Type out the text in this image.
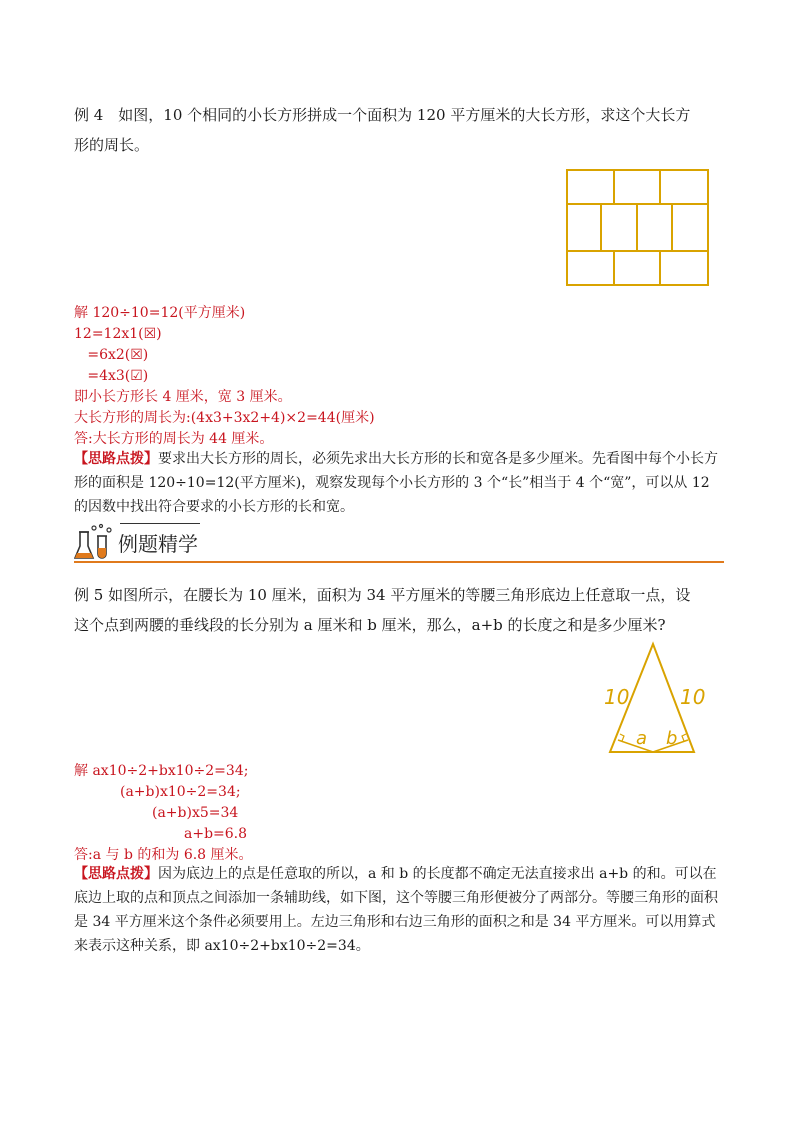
例 4　如图，10 个相同的小长方形拼成一个面积为 120 平方厘米的大长方形，求这个大长方
形的周长。
解 120÷10=12(平方厘米)
12=12x1(☒)
=6x2(☒)
=4x3(☑)
即小长方形长 4 厘米，宽 3 厘米。
大长方形的周长为:(4x3+3x2+4)×2=44(厘米)
答:大长方形的周长为 44 厘米。
【思路点拨】要求出大长方形的周长，必须先求出大长方形的长和宽各是多少厘米。先看图中每个小长方形的面积是 120÷10=12(平方厘米)，观察发现每个小长方形的 3 个“长”相当于 4 个“宽”，可以从 12 的因数中找出符合要求的小长方形的长和宽。
例题精学
例 5 如图所示，在腰长为 10 厘米，面积为 34 平方厘米的等腰三角形底边上任意取一点，设
这个点到两腰的垂线段的长分别为 a 厘米和 b 厘米，那么，a+b 的长度之和是多少厘米?
10	10
a b
解 ax10÷2+bx10÷2=34;
(a+b)x10÷2=34;
(a+b)x5=34
a+b=6.8
答:a 与 b 的和为 6.8 厘米。
【思路点拨】因为底边上的点是任意取的所以，a 和 b 的长度都不确定无法直接求出 a+b 的和。可以在底边上取的点和顶点之间添加一条辅助线，如下图，这个等腰三角形便被分了两部分。等腰三角形的面积是 34 平方厘米这个条件必须要用上。左边三角形和右边三角形的面积之和是 34 平方厘米。可以用算式来表示这种关系，即 ax10÷2+bx10÷2=34。
